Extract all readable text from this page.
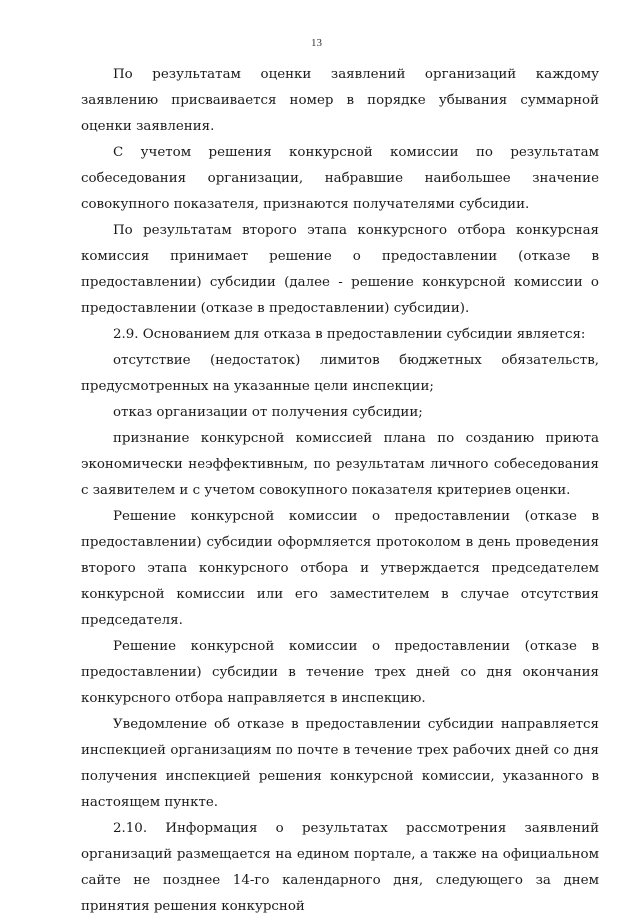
13

По результатам оценки заявлений организаций каждому заявлению присваивается номер в порядке убывания суммарной оценки заявления.

С учетом решения конкурсной комиссии по результатам собеседования организации, набравшие наибольшее значение совокупного показателя, признаются получателями субсидии.

По результатам второго этапа конкурсного отбора конкурсная комиссия принимает решение о предоставлении (отказе в предоставлении) субсидии (далее - решение конкурсной комиссии о предоставлении (отказе в предоставлении) субсидии).

2.9. Основанием для отказа в предоставлении субсидии является:

отсутствие (недостаток) лимитов бюджетных обязательств, предусмотренных на указанные цели инспекции;

отказ организации от получения субсидии;

признание конкурсной комиссией плана по созданию приюта экономически неэффективным, по результатам личного собеседования с заявителем и с учетом совокупного показателя критериев оценки.

Решение конкурсной комиссии о предоставлении (отказе в предоставлении) субсидии оформляется протоколом в день проведения второго этапа конкурсного отбора и утверждается председателем конкурсной комиссии или его заместителем в случае отсутствия председателя.

Решение конкурсной комиссии о предоставлении (отказе в предоставлении) субсидии в течение трех дней со дня окончания конкурсного отбора направляется в инспекцию.

Уведомление об отказе в предоставлении субсидии направляется инспекцией организациям по почте в течение трех рабочих дней со дня получения инспекцией решения конкурсной комиссии, указанного в настоящем пункте.

2.10. Информация о результатах рассмотрения заявлений организаций размещается на едином портале, а также на официальном сайте не позднее 14-го календарного дня, следующего за днем принятия решения конкурсной
